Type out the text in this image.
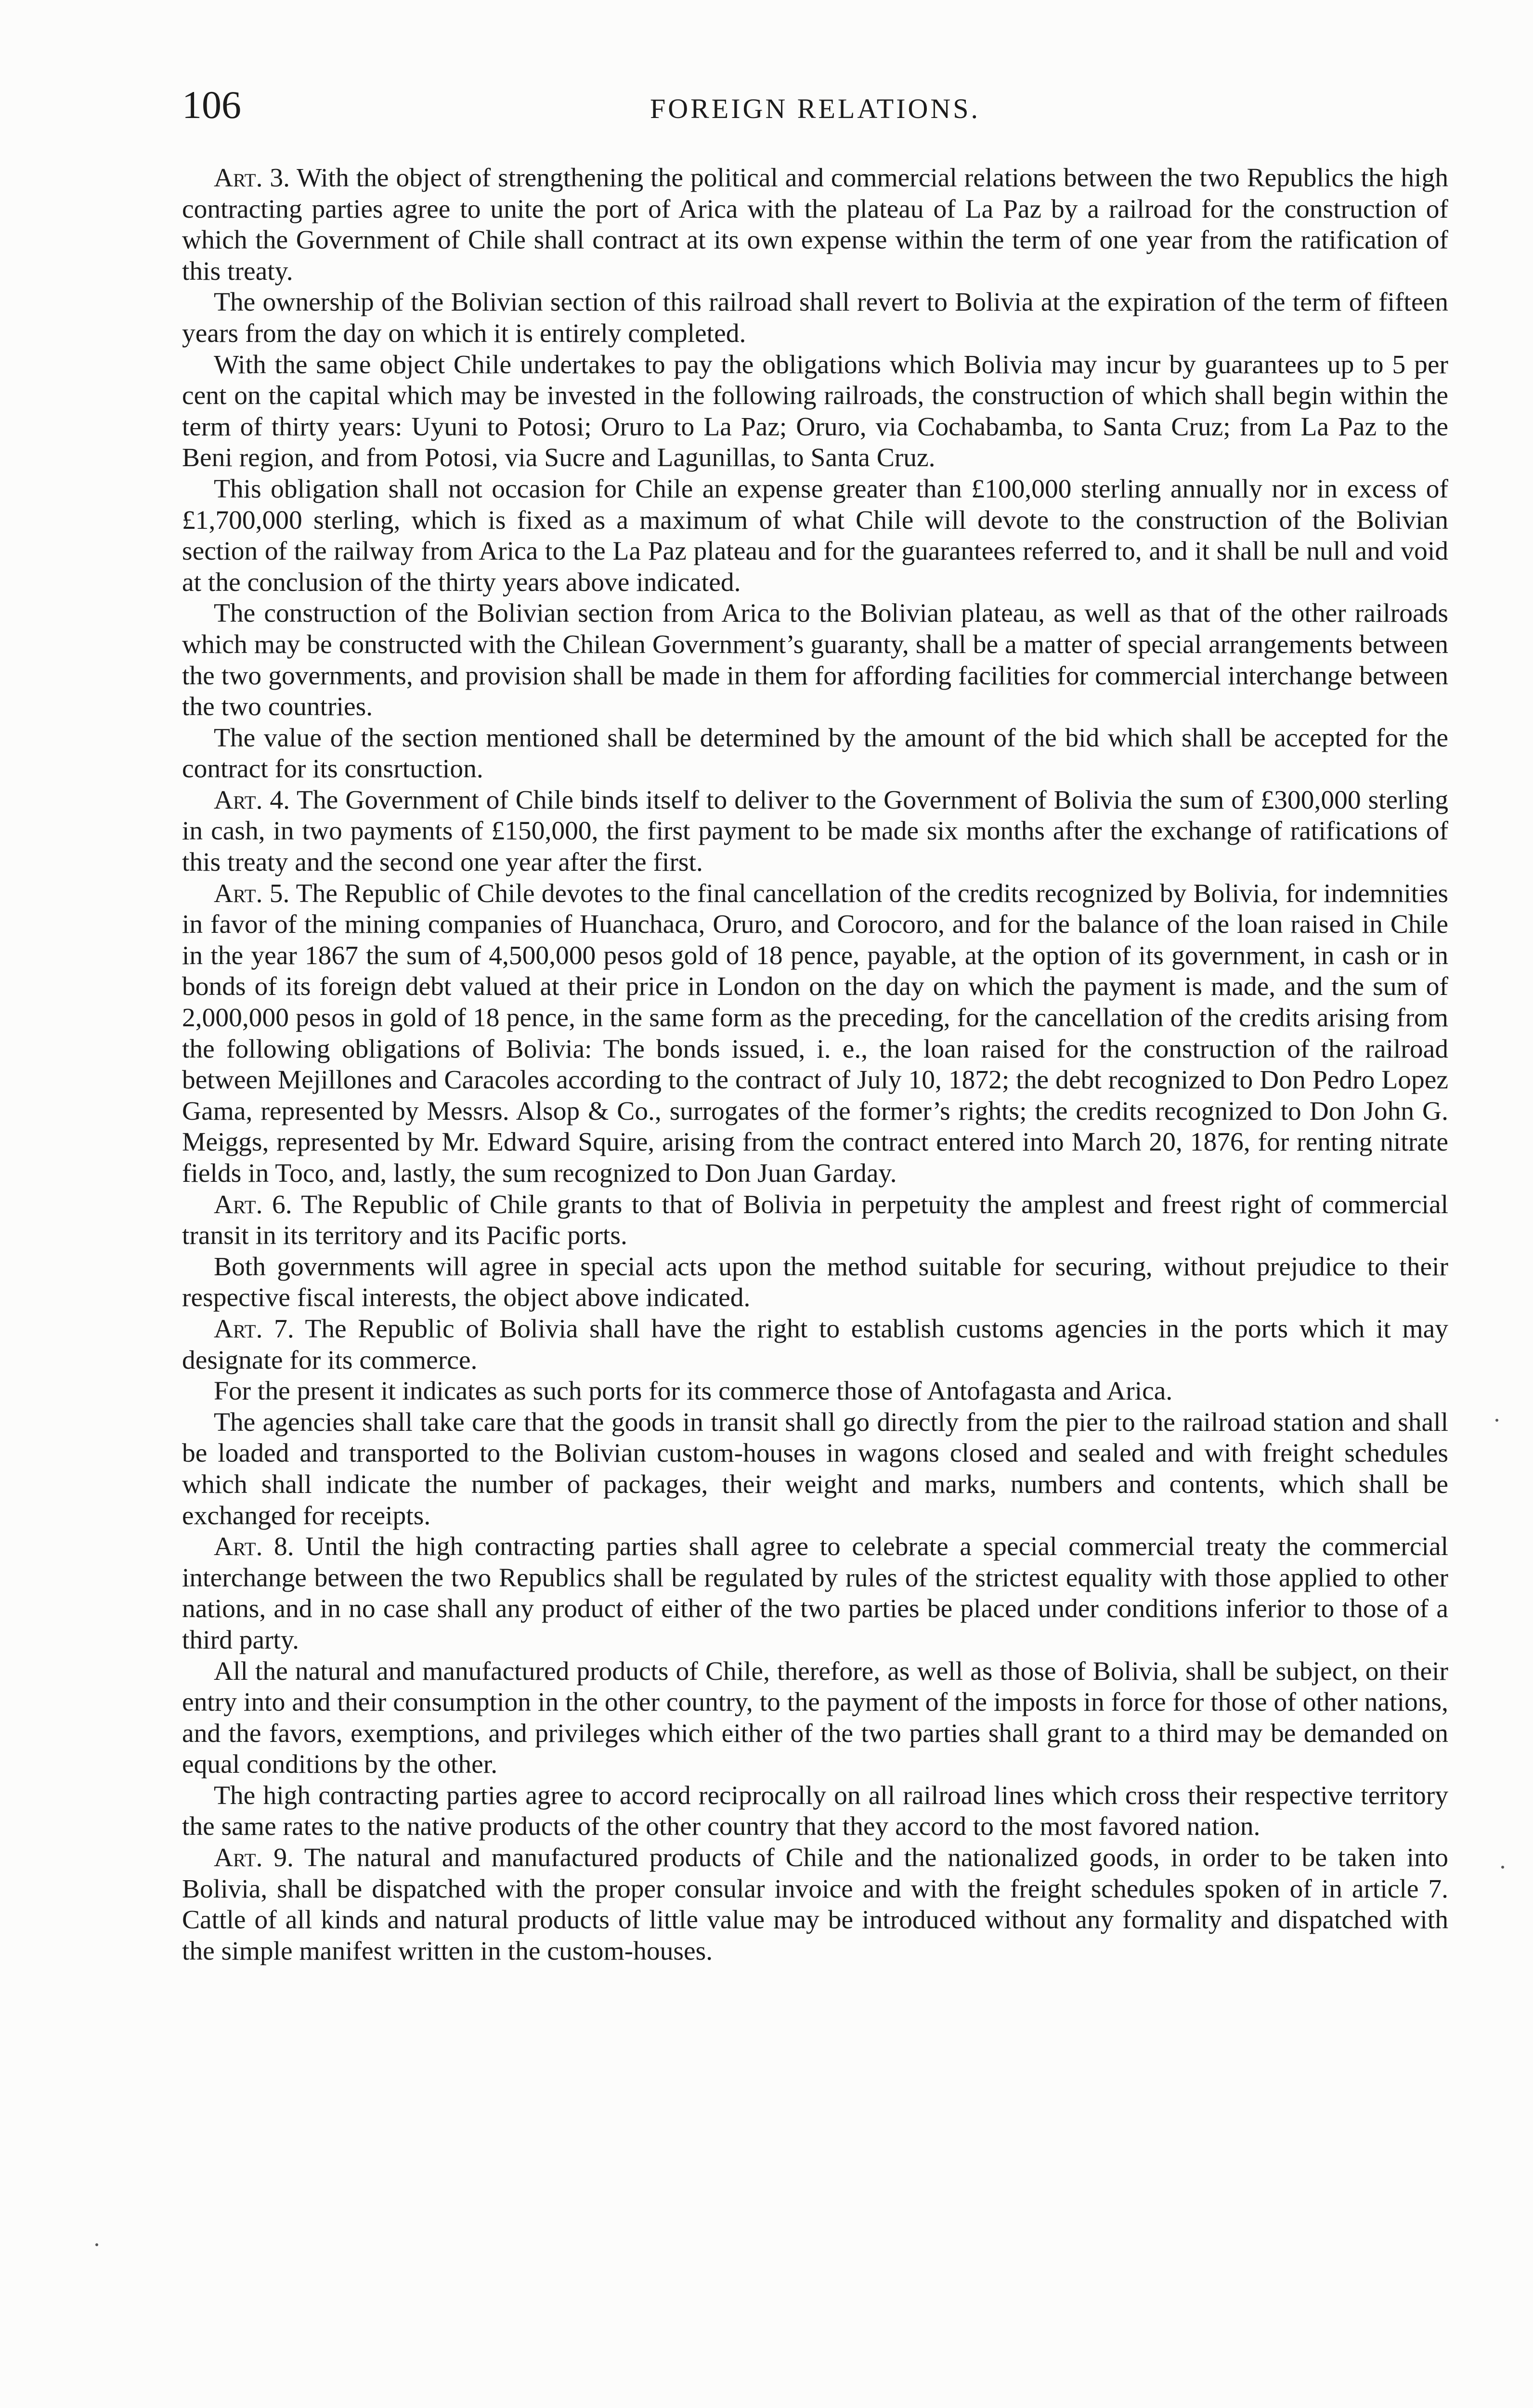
106	FOREIGN RELATIONS.

Art. 3. With the object of strengthening the political and commercial relations between the two Republics the high contracting parties agree to unite the port of Arica with the plateau of La Paz by a railroad for the construction of which the Government of Chile shall contract at its own expense within the term of one year from the ratification of this treaty.

The ownership of the Bolivian section of this railroad shall revert to Bolivia at the expiration of the term of fifteen years from the day on which it is entirely completed.

With the same object Chile undertakes to pay the obligations which Bolivia may incur by guarantees up to 5 per cent on the capital which may be invested in the following railroads, the construction of which shall begin within the term of thirty years: Uyuni to Potosi; Oruro to La Paz; Oruro, via Cochabamba, to Santa Cruz; from La Paz to the Beni region, and from Potosi, via Sucre and Lagunillas, to Santa Cruz.

This obligation shall not occasion for Chile an expense greater than £100,000 sterling annually nor in excess of £1,700,000 sterling, which is fixed as a maximum of what Chile will devote to the construction of the Bolivian section of the railway from Arica to the La Paz plateau and for the guarantees referred to, and it shall be null and void at the conclusion of the thirty years above indicated.

The construction of the Bolivian section from Arica to the Bolivian plateau, as well as that of the other railroads which may be constructed with the Chilean Government’s guaranty, shall be a matter of special arrangements between the two governments, and provision shall be made in them for affording facilities for commercial interchange between the two countries.

The value of the section mentioned shall be determined by the amount of the bid which shall be accepted for the contract for its consrtuction.

Art. 4. The Government of Chile binds itself to deliver to the Government of Bolivia the sum of £300,000 sterling in cash, in two payments of £150,000, the first payment to be made six months after the exchange of ratifications of this treaty and the second one year after the first.

Art. 5. The Republic of Chile devotes to the final cancellation of the credits recognized by Bolivia, for indemnities in favor of the mining companies of Huanchaca, Oruro, and Corocoro, and for the balance of the loan raised in Chile in the year 1867 the sum of 4,500,000 pesos gold of 18 pence, payable, at the option of its government, in cash or in bonds of its foreign debt valued at their price in London on the day on which the payment is made, and the sum of 2,000,000 pesos in gold of 18 pence, in the same form as the preceding, for the cancellation of the credits arising from the following obligations of Bolivia: The bonds issued, i. e., the loan raised for the construction of the railroad between Mejillones and Caracoles according to the contract of July 10, 1872; the debt recognized to Don Pedro Lopez Gama, represented by Messrs. Alsop & Co., surrogates of the former’s rights; the credits recognized to Don John G. Meiggs, represented by Mr. Edward Squire, arising from the contract entered into March 20, 1876, for renting nitrate fields in Toco, and, lastly, the sum recognized to Don Juan Garday.

Art. 6. The Republic of Chile grants to that of Bolivia in perpetuity the amplest and freest right of commercial transit in its territory and its Pacific ports.

Both governments will agree in special acts upon the method suitable for securing, without prejudice to their respective fiscal interests, the object above indicated.

Art. 7. The Republic of Bolivia shall have the right to establish customs agencies in the ports which it may designate for its commerce.

For the present it indicates as such ports for its commerce those of Antofagasta and Arica.

The agencies shall take care that the goods in transit shall go directly from the pier to the railroad station and shall be loaded and transported to the Bolivian custom-houses in wagons closed and sealed and with freight schedules which shall indicate the number of packages, their weight and marks, numbers and contents, which shall be exchanged for receipts.

Art. 8. Until the high contracting parties shall agree to celebrate a special commercial treaty the commercial interchange between the two Republics shall be regulated by rules of the strictest equality with those applied to other nations, and in no case shall any product of either of the two parties be placed under conditions inferior to those of a third party.

All the natural and manufactured products of Chile, therefore, as well as those of Bolivia, shall be subject, on their entry into and their consumption in the other country, to the payment of the imposts in force for those of other nations, and the favors, exemptions, and privileges which either of the two parties shall grant to a third may be demanded on equal conditions by the other.

The high contracting parties agree to accord reciprocally on all railroad lines which cross their respective territory the same rates to the native products of the other country that they accord to the most favored nation.

Art. 9. The natural and manufactured products of Chile and the nationalized goods, in order to be taken into Bolivia, shall be dispatched with the proper consular invoice and with the freight schedules spoken of in article 7. Cattle of all kinds and natural products of little value may be introduced without any formality and dispatched with the simple manifest written in the custom-houses.
